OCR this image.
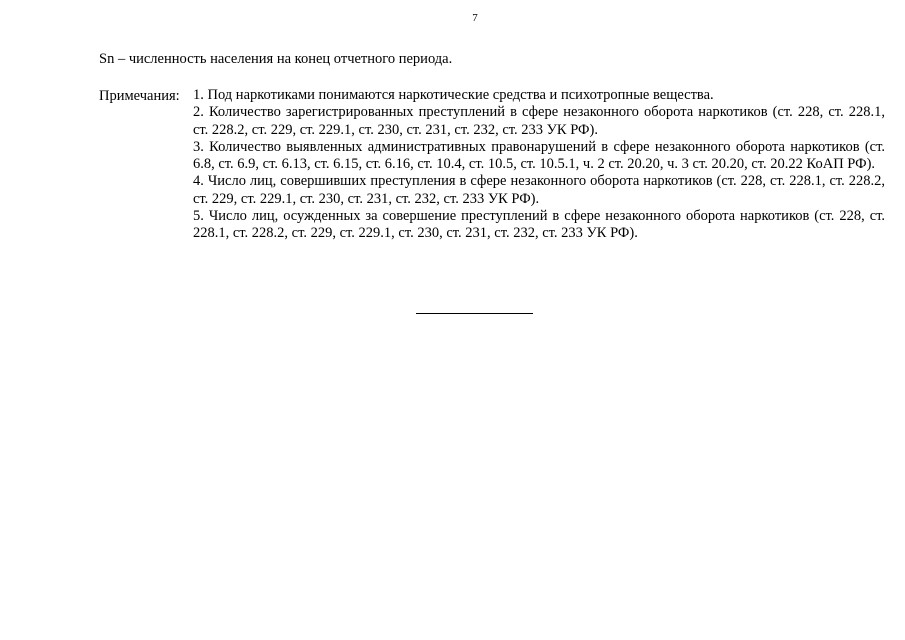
7
Sn – численность населения на конец отчетного периода.
Примечания: 1. Под наркотиками понимаются наркотические средства и психотропные вещества.

2. Количество зарегистрированных преступлений в сфере незаконного оборота наркотиков (ст. 228, ст. 228.1, ст. 228.2, ст. 229, ст. 229.1, ст. 230, ст. 231, ст. 232, ст. 233 УК РФ).

3. Количество выявленных административных правонарушений в сфере незаконного оборота наркотиков (ст. 6.8, ст. 6.9, ст. 6.13, ст. 6.15, ст. 6.16, ст. 10.4, ст. 10.5, ст. 10.5.1, ч. 2 ст. 20.20, ч. 3 ст. 20.20, ст. 20.22 КоАП РФ).

4. Число лиц, совершивших преступления в сфере незаконного оборота наркотиков (ст. 228, ст. 228.1, ст. 228.2, ст. 229, ст. 229.1, ст. 230, ст. 231, ст. 232, ст. 233 УК РФ).

5. Число лиц, осужденных за совершение преступлений в сфере незаконного оборота наркотиков (ст. 228, ст. 228.1, ст. 228.2, ст. 229, ст. 229.1, ст. 230, ст. 231, ст. 232, ст. 233 УК РФ).
